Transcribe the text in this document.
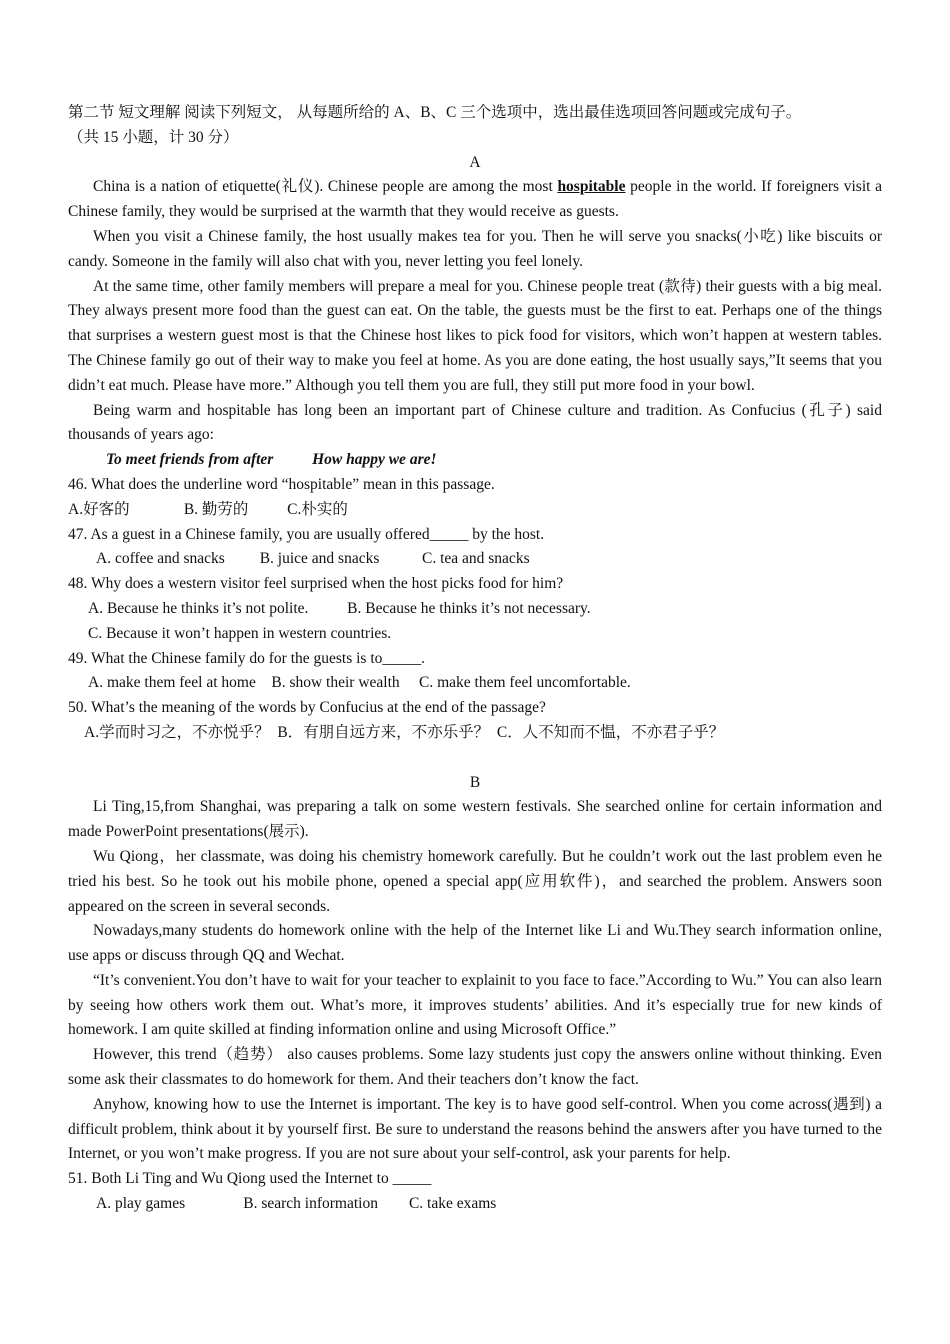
第二节 短文理解 阅读下列短文， 从每题所给的 A、B、C 三个选项中，选出最佳选项回答问题或完成句子。
（共 15 小题，计 30 分）
A

China is a nation of etiquette(礼仪). Chinese people are among the most hospitable people in the world. If foreigners visit a Chinese family, they would be surprised at the warmth that they would receive as guests.

When you visit a Chinese family, the host usually makes tea for you. Then he will serve you snacks(小吃) like biscuits or candy. Someone in the family will also chat with you, never letting you feel lonely.

At the same time, other family members will prepare a meal for you. Chinese people treat (款待) their guests with a big meal. They always present more food than the guest can eat. On the table, the guests must be the first to eat. Perhaps one of the things that surprises a western guest most is that the Chinese host likes to pick food for visitors, which won’t happen at western tables. The Chinese family go out of their way to make you feel at home. As you are done eating, the host usually says,”It seems that you didn’t eat much. Please have more.” Although you tell them you are full, they still put more food in your bowl.

Being warm and hospitable has long been an important part of Chinese culture and tradition. As Confucius (孔子) said thousands of years ago:

To meet friends from after          How happy we are!
46. What does the underline word “hospitable” mean in this passage.
A.好客的              B. 勤劳的          C.朴实的
47. As a guest in a Chinese family, you are usually offered_____ by the host.
A. coffee and snacks         B. juice and snacks           C. tea and snacks
48. Why does a western visitor feel surprised when the host picks food for him?
A. Because he thinks it’s not polite.          B. Because he thinks it’s not necessary.
C. Because it won’t happen in western countries.
49. What the Chinese family do for the guests is to_____.
A. make them feel at home    B. show their wealth     C. make them feel uncomfortable.
50. What’s the meaning of the words by Confucius at the end of the passage?
A.学而时习之，不亦悦乎？  B．有朋自远方来，不亦乐乎？  C．人不知而不愠，不亦君子乎？
B

Li Ting,15,from Shanghai, was preparing a talk on some western festivals. She searched online for certain information and made PowerPoint presentations(展示).

Wu Qiong，her classmate, was doing his chemistry homework carefully. But he couldn’t work out the last problem even he tried his best. So he took out his mobile phone, opened a special app(应用软件)，and searched the problem. Answers soon appeared on the screen in several seconds.

Nowadays,many students do homework online with the help of the Internet like Li and Wu.They search information online, use apps or discuss through QQ and Wechat.

“It’s convenient.You don’t have to wait for your teacher to explainit to you face to face.”According to Wu.” You can also learn by seeing how others work them out. What’s more, it improves students’ abilities. And it’s especially true for new kinds of homework. I am quite skilled at finding information online and using Microsoft Office.”

However, this trend（趋势） also causes problems. Some lazy students just copy the answers online without thinking. Even some ask their classmates to do homework for them. And their teachers don’t know the fact.

Anyhow, knowing how to use the Internet is important. The key is to have good self-control. When you come across(遇到) a difficult problem, think about it by yourself first. Be sure to understand the reasons behind the answers after you have turned to the Internet, or you won’t make progress. If you are not sure about your self-control, ask your parents for help.

51. Both Li Ting and Wu Qiong used the Internet to _____
A. play games               B. search information        C. take exams
